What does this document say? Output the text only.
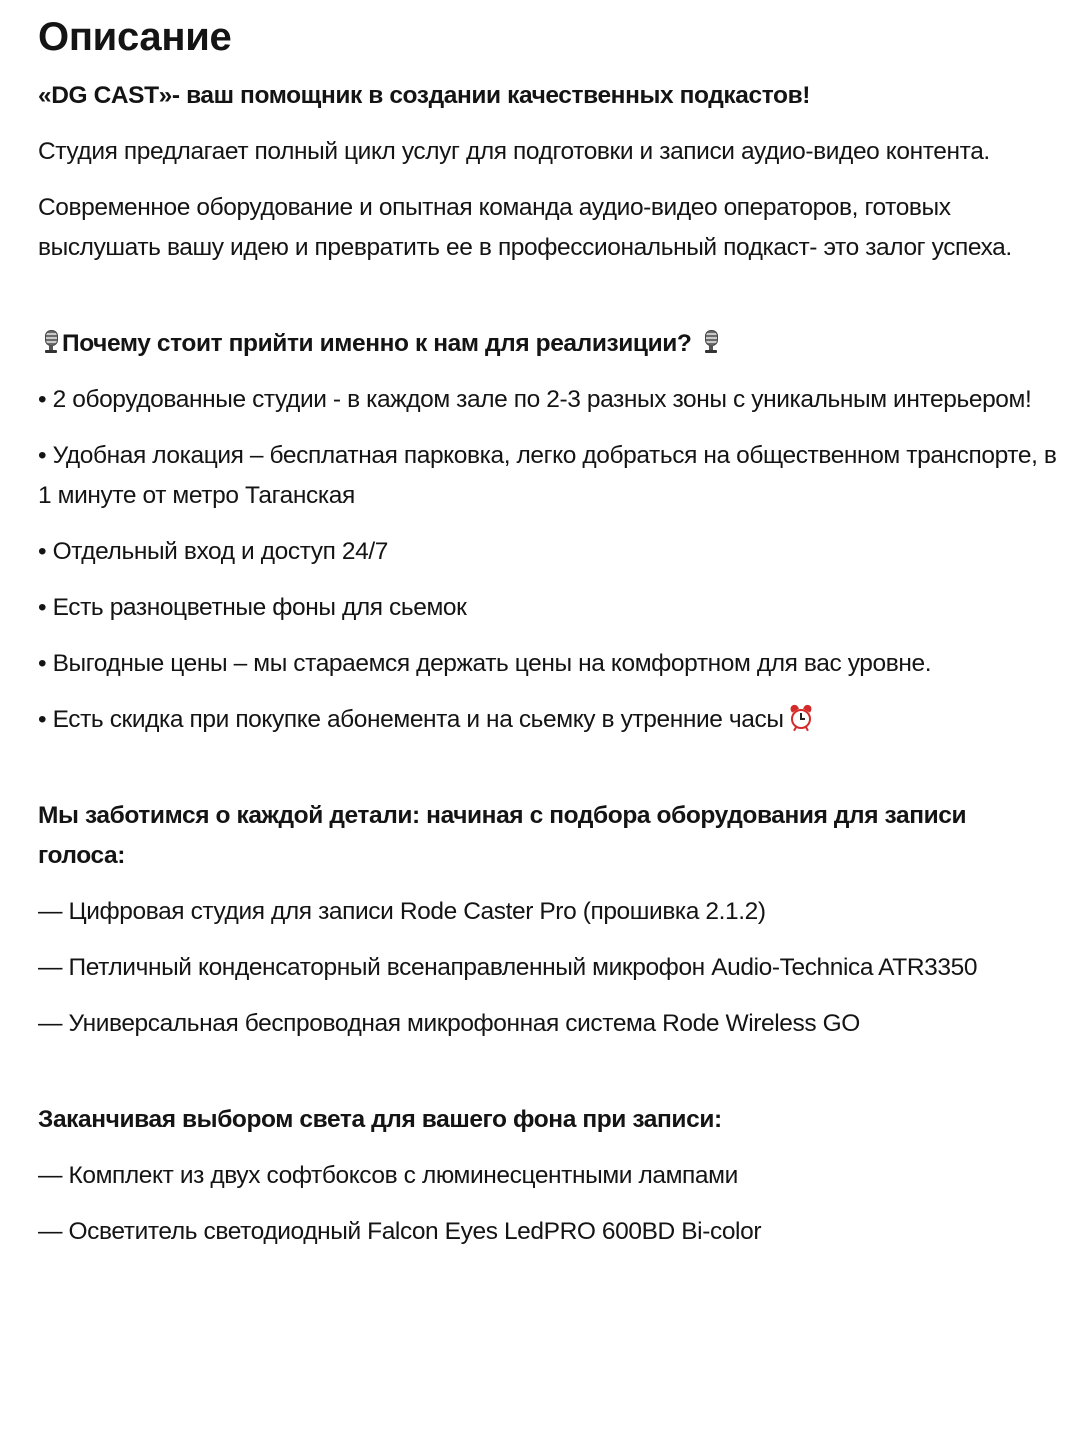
Описание

«DG CAST»- ваш помощник в создании качественных подкастов!

Студия предлагает полный цикл услуг для подготовки и записи аудио-видео контента.

Современное оборудование и опытная команда аудио-видео операторов, готовых выслушать вашу идею и превратить ее в профессиональный подкаст- это залог успеха.

Почему стоит прийти именно к нам для реализиции?

• 2 оборудованные студии - в каждом зале по 2-3 разных зоны с уникальным интерьером!

• Удобная локация – бесплатная парковка, легко добраться на общественном транспорте, в 1 минуте от метро Таганская

• Отдельный вход и доступ 24/7

• Есть разноцветные фоны для сьемок

• Выгодные цены – мы стараемся держать цены на комфортном для вас уровне.

• Есть скидка при покупке абонемента и на сьемку в утренние часы

Мы заботимся о каждой детали: начиная с подбора оборудования для записи голоса:

— Цифровая студия для записи Rode Caster Pro (прошивка 2.1.2)

— Петличный конденсаторный всенаправленный микрофон Audio-Technica ATR3350

— Универсальная беспроводная микрофонная система Rode Wireless GO

Заканчивая выбором света для вашего фона при записи:

— Комплект из двух софтбоксов с люминесцентными лампами

— Осветитель светодиодный Falcon Eyes LedPRO 600BD Bi-color
